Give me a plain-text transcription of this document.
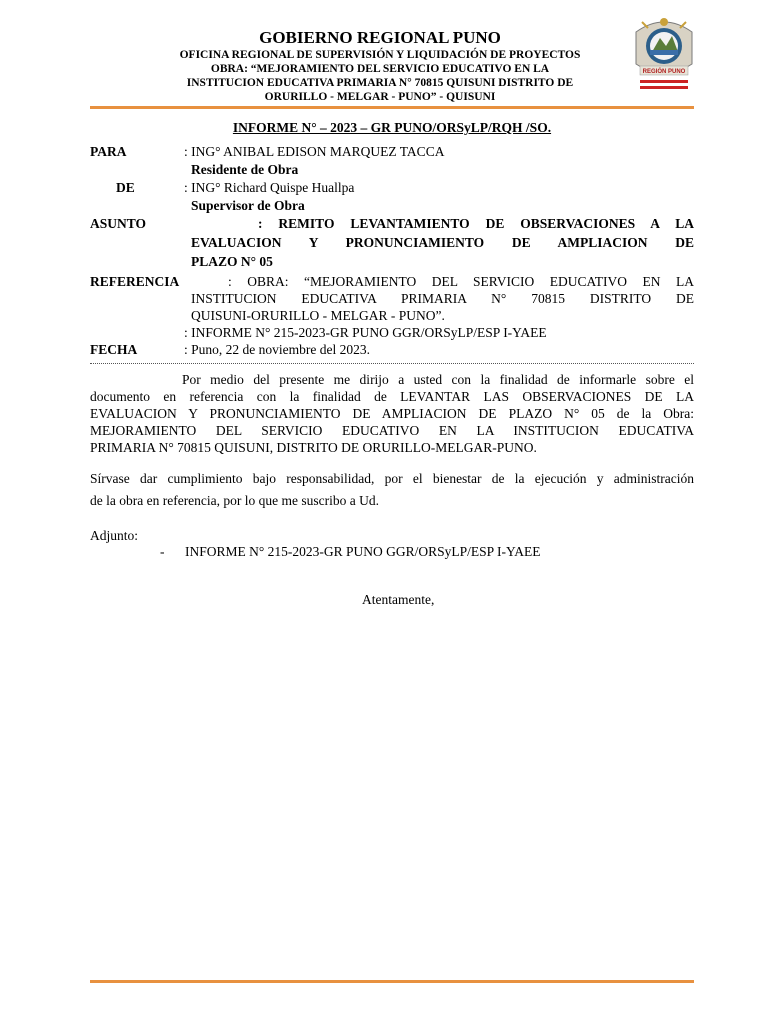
GOBIERNO REGIONAL PUNO
OFICINA REGIONAL DE SUPERVISIÓN Y LIQUIDACIÓN DE PROYECTOS
OBRA: “MEJORAMIENTO DEL SERVICIO EDUCATIVO EN LA
INSTITUCION EDUCATIVA PRIMARIA N° 70815 QUISUNI DISTRITO DE
ORURILLO - MELGAR - PUNO” - QUISUNI
REGIÓN PUNO
INFORME N° – 2023 – GR PUNO/ORSyLP/RQH /SO.
PARA	: ING° ANIBAL EDISON MARQUEZ TACCA
Residente de Obra
DE	: ING° Richard Quispe Huallpa
Supervisor de Obra
ASUNTO	: REMITO LEVANTAMIENTO DE OBSERVACIONES A LA
EVALUACION Y PRONUNCIAMIENTO DE AMPLIACION DE
PLAZO N° 05
REFERENCIA	: OBRA: “MEJORAMIENTO DEL SERVICIO EDUCATIVO EN LA
INSTITUCION EDUCATIVA PRIMARIA N° 70815 DISTRITO DE
QUISUNI-ORURILLO - MELGAR - PUNO”.
: INFORME N° 215-2023-GR PUNO GGR/ORSyLP/ESP I-YAEE
FECHA	: Puno, 22 de noviembre del 2023.
Por medio del presente me dirijo a usted con la finalidad de informarle sobre el
documento en referencia con la finalidad de LEVANTAR LAS OBSERVACIONES DE LA
EVALUACION Y PRONUNCIAMIENTO DE AMPLIACION DE PLAZO N° 05 de la Obra:
MEJORAMIENTO DEL SERVICIO EDUCATIVO EN LA INSTITUCION EDUCATIVA
PRIMARIA N° 70815 QUISUNI, DISTRITO DE ORURILLO-MELGAR-PUNO.
Sírvase dar cumplimiento bajo responsabilidad, por el bienestar de la ejecución y administración
de la obra en referencia, por lo que me suscribo a Ud.
Adjunto:
- INFORME N° 215-2023-GR PUNO GGR/ORSyLP/ESP I-YAEE
Atentamente,
